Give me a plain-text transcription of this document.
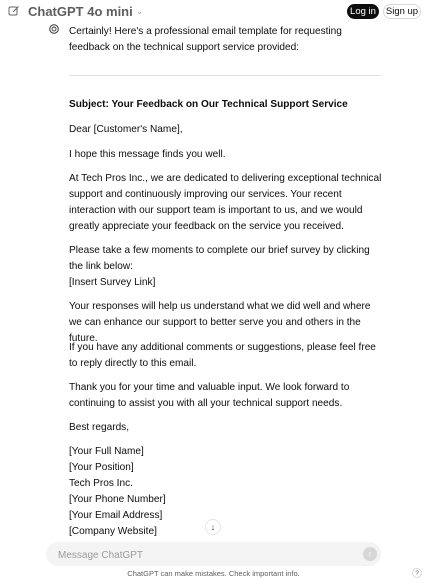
ChatGPT 4o mini ⌄	Log in	Sign up

Certainly! Here's a professional email template for requesting feedback on the technical support service provided:

Subject: Your Feedback on Our Technical Support Service

Dear [Customer's Name],

I hope this message finds you well.

At Tech Pros Inc., we are dedicated to delivering exceptional technical support and continuously improving our services. Your recent interaction with our support team is important to us, and we would greatly appreciate your feedback on the service you received.

Please take a few moments to complete our brief survey by clicking the link below:

[Insert Survey Link]

Your responses will help us understand what we did well and where we can enhance our support to better serve you and others in the future.

If you have any additional comments or suggestions, please feel free to reply directly to this email.

Thank you for your time and valuable input. We look forward to continuing to assist you with all your technical support needs.

Best regards,

[Your Full Name]

[Your Position]

Tech Pros Inc.

[Your Phone Number]

[Your Email Address]

[Company Website]	↓
Message ChatGPT
↑
ChatGPT can make mistakes. Check important info.	?
